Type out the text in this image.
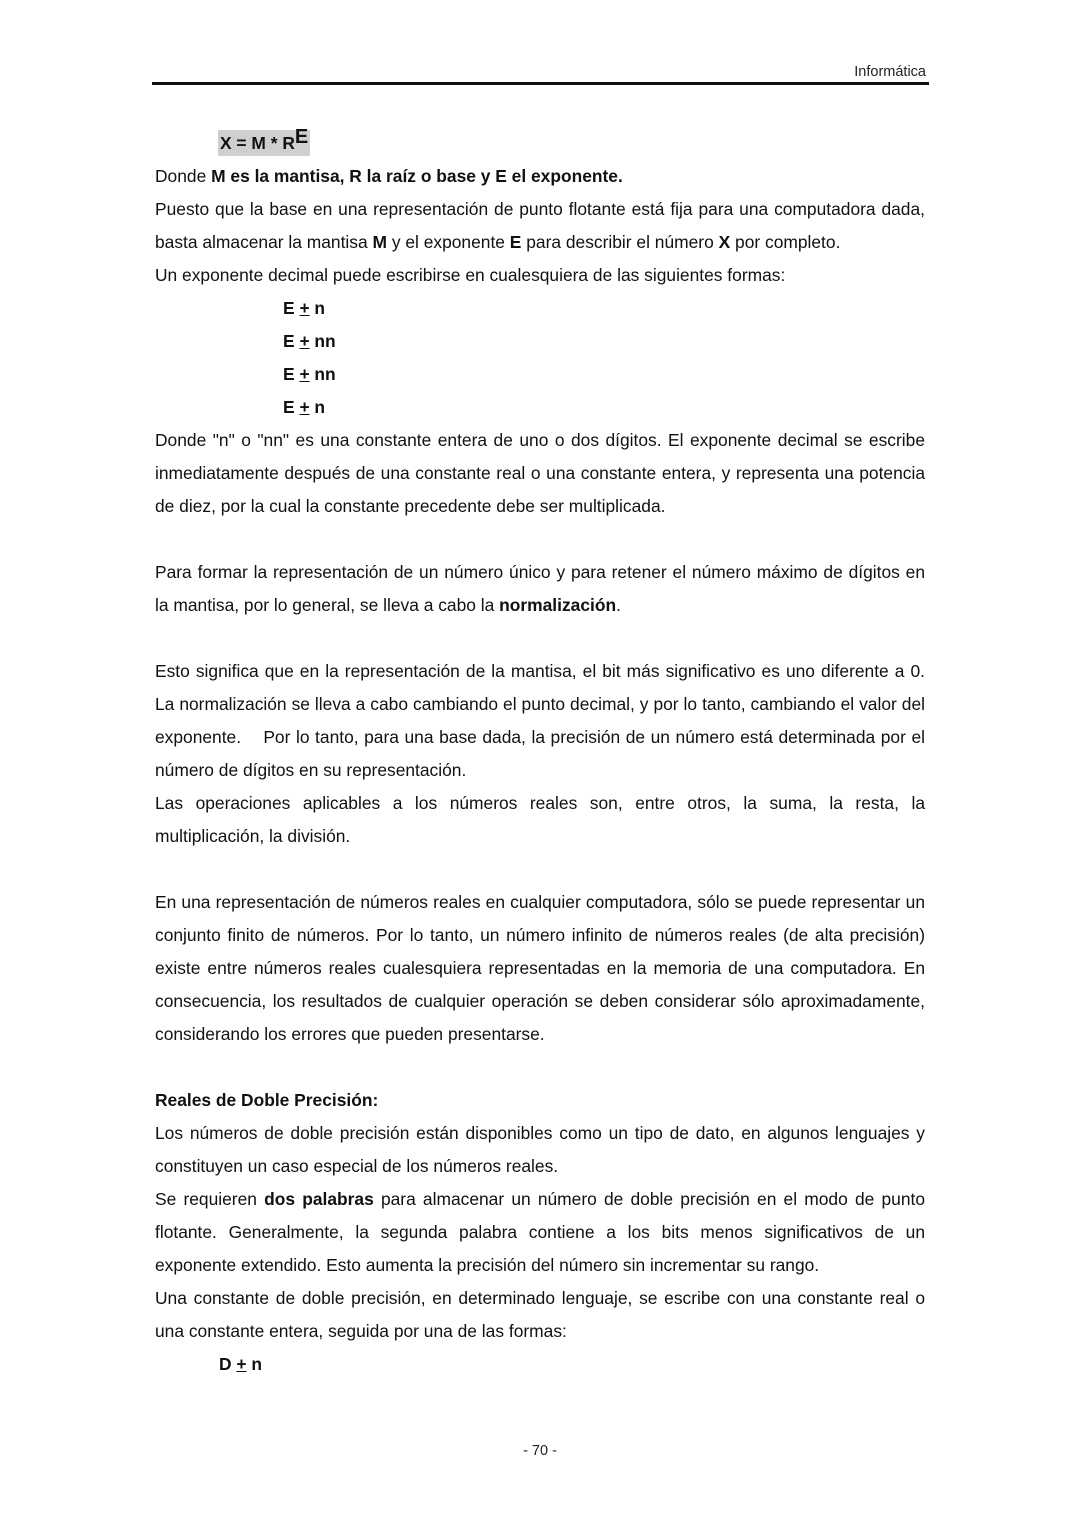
Informática
$X = M * R^E$

Donde M es la mantisa, R la raíz o base y E el exponente.

Puesto que la base en una representación de punto flotante está fija para una computadora dada, basta almacenar la mantisa M y el exponente E para describir el número X por completo.

Un exponente decimal puede escribirse en cualesquiera de las siguientes formas:

E + n
E + nn
E + nn
E + n

Donde "n" o "nn" es una constante entera de uno o dos dígitos. El exponente decimal se escribe inmediatamente después de una constante real o una constante entera, y representa una potencia de diez, por la cual la constante precedente debe ser multiplicada.

Para formar la representación de un número único y para retener el número máximo de dígitos en la mantisa, por lo general, se lleva a cabo la normalización.

Esto significa que en la representación de la mantisa, el bit más significativo es uno diferente a 0. La normalización se lleva a cabo cambiando el punto decimal, y por lo tanto, cambiando el valor del exponente.    Por lo tanto, para una base dada, la precisión de un número está determinada por el número de dígitos en su representación.

Las operaciones aplicables a los números reales son, entre otros, la suma, la resta, la multiplicación, la división.

En una representación de números reales en cualquier computadora, sólo se puede representar un conjunto finito de números. Por lo tanto, un número infinito de números reales (de alta precisión) existe entre números reales cualesquiera representadas en la memoria de una computadora. En consecuencia, los resultados de cualquier operación se deben considerar sólo aproximadamente, considerando los errores que pueden presentarse.

Reales de Doble Precisión:

Los números de doble precisión están disponibles como un tipo de dato, en algunos lenguajes y constituyen un caso especial de los números reales.

Se requieren dos palabras para almacenar un número de doble precisión en el modo de punto flotante. Generalmente, la segunda palabra contiene a los bits menos significativos de un exponente extendido. Esto aumenta la precisión del número sin incrementar su rango.

Una constante de doble precisión, en determinado lenguaje, se escribe con una constante real o una constante entera, seguida por una de las formas:

D + n
- 70 -
